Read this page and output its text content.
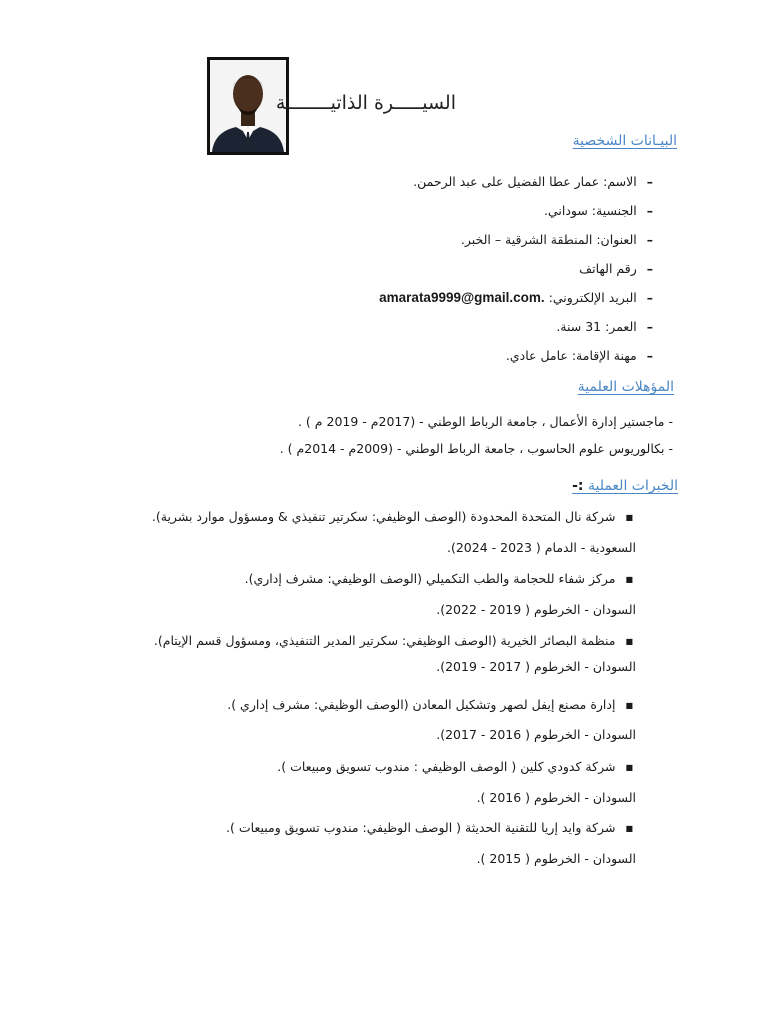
السيـــــرة الذاتيــــــــة
البيـانات الشخصية
–الاسم: عمار عطا الفضيل على عبد الرحمن.
–الجنسية: سوداني.
–العنوان: المنطقة الشرقية – الخبر.
–رقم الهاتف
–البريد الإلكتروني: amarata9999@gmail.com.
–العمر: 31 سنة.
–مهنة الإقامة: عامل عادي.
المؤهلات العلمية
- ماجستير إدارة الأعمال ، جامعة الرباط الوطني - (2017م - 2019 م ) .
- بكالوريوس علوم الحاسوب ، جامعة الرباط الوطني - (2009م - 2014م ) .
الخبرات العملية :-
■شركة نال المتحدة المحدودة (الوصف الوظيفي: سكرتير تنفيذي & ومسؤول موارد بشرية).
السعودية - الدمام ( 2023 - 2024).
■مركز شفاء للحجامة والطب التكميلي (الوصف الوظيفي: مشرف إداري).
السودان - الخرطوم ( 2019 - 2022).
■منظمة البصائر الخيرية (الوصف الوظيفي: سكرتير المدير التنفيذي، ومسؤول قسم الإيتام).
السودان - الخرطوم ( 2017 - 2019).
■إدارة مصنع إيفل لصهر وتشكيل المعادن (الوصف الوظيفي: مشرف إداري ).
السودان - الخرطوم ( 2016 - 2017).
■شركة كدودي كلين ( الوصف الوظيفي : مندوب تسويق ومبيعات ).
السودان - الخرطوم ( 2016 ).
■شركة وايد إريا للتقنية الحديثة ( الوصف الوظيفي: مندوب تسويق ومبيعات ).
السودان - الخرطوم ( 2015 ).
